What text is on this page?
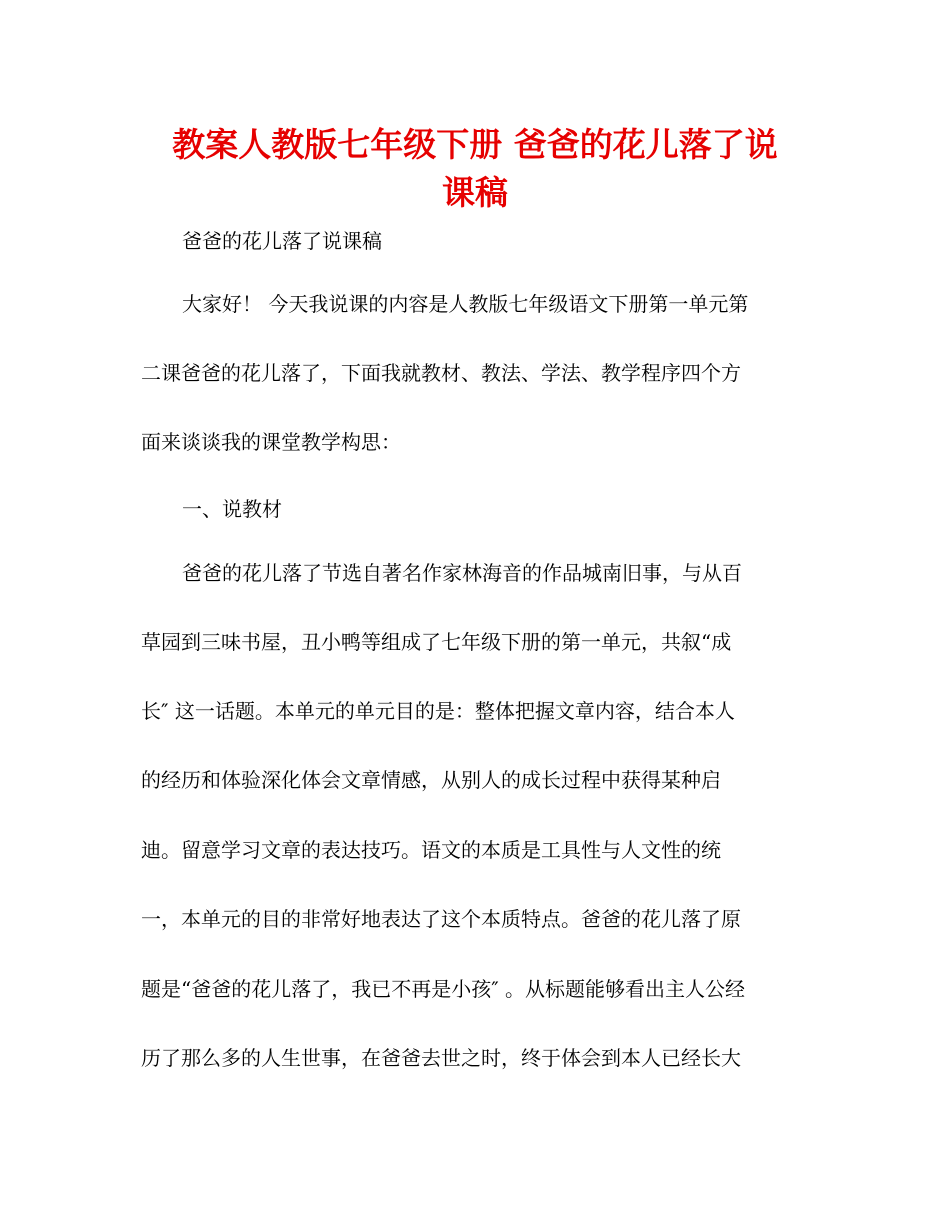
教案人教版七年级下册 爸爸的花儿落了说
课稿

爸爸的花儿落了说课稿

大家好！ 今天我说课的内容是人教版七年级语文下册第一单元第

二课爸爸的花儿落了，下面我就教材、教法、学法、教学程序四个方

面来谈谈我的课堂教学构思：

一、说教材

爸爸的花儿落了节选自著名作家林海音的作品城南旧事，与从百

草园到三味书屋，丑小鸭等组成了七年级下册的第一单元，共叙“成

长″ 这一话题。本单元的单元目的是：整体把握文章内容，结合本人

的经历和体验深化体会文章情感，从别人的成长过程中获得某种启

迪。留意学习文章的表达技巧。语文的本质是工具性与人文性的统

一，本单元的目的非常好地表达了这个本质特点。爸爸的花儿落了原

题是“爸爸的花儿落了，我已不再是小孩″ 。从标题能够看出主人公经

历了那么多的人生世事，在爸爸去世之时，终于体会到本人已经长大
